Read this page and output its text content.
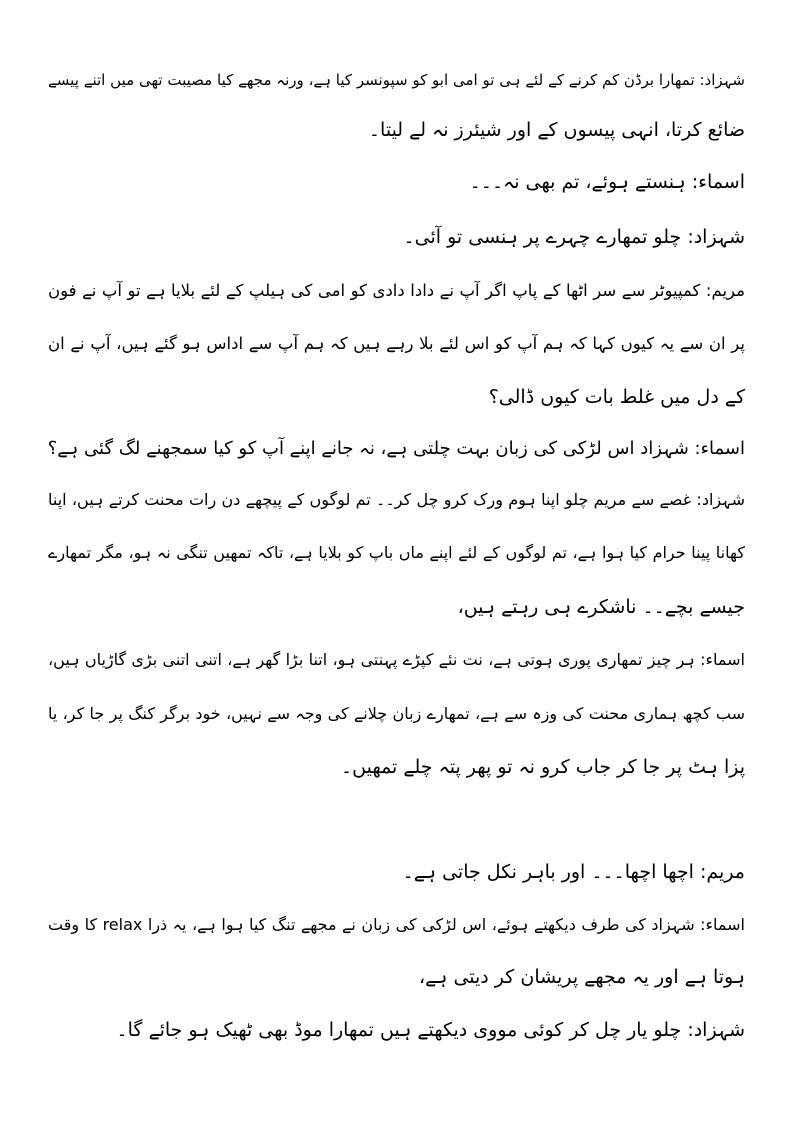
شہزاد: تمھارا برڈن کم کرنے کے لئے ہی تو امی ابو کو سپونسر کیا ہے، ورنہ مجھے کیا مصیبت تھی میں اتنے پیسے

ضائع کرتا، انہی پیسوں کے اور شیئرز نہ لے لیتا۔

اسماء: ہنستے ہوئے، تم بھی نہ۔۔۔

شہزاد: چلو تمھارے چہرے پر ہنسی تو آئی۔

مریم: کمپیوٹر سے سر اٹھا کے پاپ اگر آپ نے دادا دادی کو امی کی ہیلپ کے لئے بلایا ہے تو آپ نے فون

پر ان سے یہ کیوں کہا کہ ہم آپ کو اس لئے بلا رہے ہیں کہ ہم آپ سے اداس ہو گئے ہیں، آپ نے ان

کے دل میں غلط بات کیوں ڈالی؟

اسماء: شہزاد اس لڑکی کی زبان بہت چلتی ہے، نہ جانے اپنے آپ کو کیا سمجھنے لگ گئی ہے؟

شہزاد: غصے سے مریم چلو اپنا ہوم ورک کرو چل کر۔۔ تم لوگوں کے پیچھے دن رات محنت کرتے ہیں، اپنا

کھانا پینا حرام کیا ہوا ہے، تم لوگوں کے لئے اپنے ماں باپ کو بلایا ہے، تاکہ تمھیں تنگی نہ ہو، مگر تمھارے

جیسے بچے۔۔ ناشکرے ہی رہتے ہیں،

اسماء: ہر چیز تمھاری پوری ہوتی ہے، نت نئے کپڑے پہنتی ہو، اتنا بڑا گھر ہے، اتنی اتنی بڑی گاڑیاں ہیں،

سب کچھ ہماری محنت کی وزہ سے ہے، تمھارے زبان چلانے کی وجہ سے نہیں، خود برگر کنگ پر جا کر، یا

پزا ہٹ پر جا کر جاب کرو نہ تو پھر پتہ چلے تمھیں۔

مریم: اچھا اچھا۔۔۔ اور باہر نکل جاتی ہے۔

اسماء: شہزاد کی طرف دیکھتے ہوئے، اس لڑکی کی زبان نے مجھے تنگ کیا ہوا ہے، یہ ذرا relax کا وقت

ہوتا ہے اور یہ مجھے پریشان کر دیتی ہے،

شہزاد: چلو یار چل کر کوئی مووی دیکھتے ہیں تمھارا موڈ بھی ٹھیک ہو جائے گا۔
